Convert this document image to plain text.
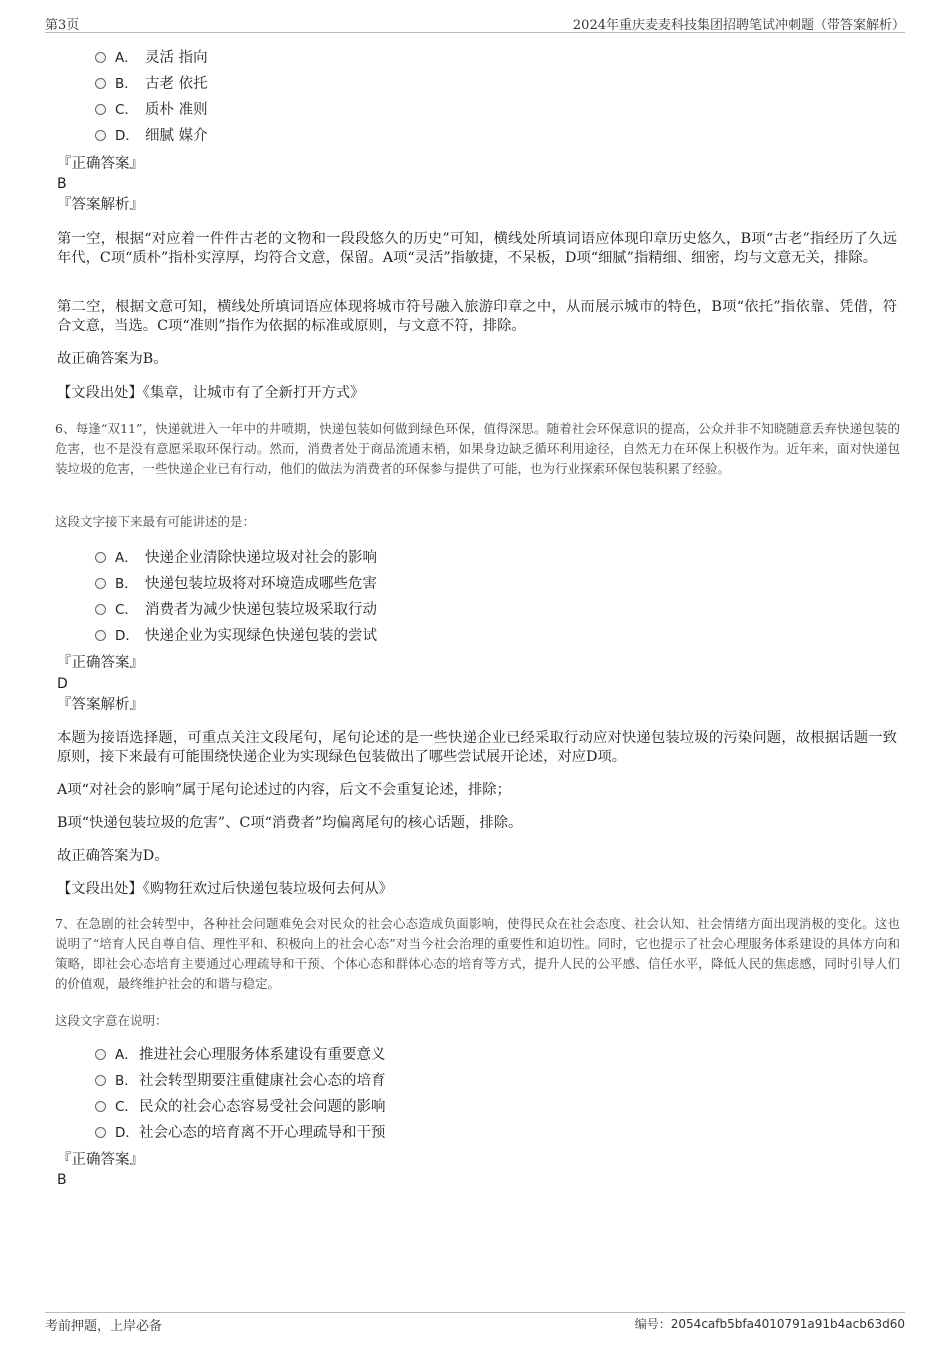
第3页	2024年重庆麦麦科技集团招聘笔试冲刺题（带答案解析）
A． 灵活 指向
B． 古老 依托
C． 质朴 准则
D． 细腻 媒介
『正确答案』
B
『答案解析』
第一空，根据“对应着一件件古老的文物和一段段悠久的历史”可知，横线处所填词语应体现印章历史悠久，B项“古老”指经历了久远年代，C项“质朴”指朴实淳厚，均符合文意，保留。A项“灵活”指敏捷，不呆板，D项“细腻”指精细、细密，均与文意无关，排除。
第二空，根据文意可知，横线处所填词语应体现将城市符号融入旅游印章之中，从而展示城市的特色，B项“依托”指依靠、凭借，符合文意，当选。C项“准则”指作为依据的标准或原则，与文意不符，排除。
故正确答案为B。
【文段出处】《集章，让城市有了全新打开方式》
6、每逢“双11”，快递就进入一年中的井喷期，快递包装如何做到绿色环保，值得深思。随着社会环保意识的提高，公众并非不知晓随意丢弃快递包装的危害，也不是没有意愿采取环保行动。然而，消费者处于商品流通末梢，如果身边缺乏循环利用途径，自然无力在环保上积极作为。近年来，面对快递包装垃圾的危害，一些快递企业已有行动，他们的做法为消费者的环保参与提供了可能，也为行业探索环保包装积累了经验。
这段文字接下来最有可能讲述的是：
A． 快递企业清除快递垃圾对社会的影响
B． 快递包装垃圾将对环境造成哪些危害
C． 消费者为减少快递包装垃圾采取行动
D． 快递企业为实现绿色快递包装的尝试
『正确答案』
D
『答案解析』
本题为接语选择题，可重点关注文段尾句，尾句论述的是一些快递企业已经采取行动应对快递包装垃圾的污染问题，故根据话题一致原则，接下来最有可能围绕快递企业为实现绿色包装做出了哪些尝试展开论述，对应D项。
A项“对社会的影响”属于尾句论述过的内容，后文不会重复论述，排除；
B项“快递包装垃圾的危害”、C项“消费者”均偏离尾句的核心话题，排除。
故正确答案为D。
【文段出处】《购物狂欢过后快递包装垃圾何去何从》
7、在急剧的社会转型中，各种社会问题难免会对民众的社会心态造成负面影响，使得民众在社会态度、社会认知、社会情绪方面出现消极的变化。这也说明了“培育人民自尊自信、理性平和、积极向上的社会心态”对当今社会治理的重要性和迫切性。同时，它也提示了社会心理服务体系建设的具体方向和策略，即社会心态培育主要通过心理疏导和干预、个体心态和群体心态的培育等方式，提升人民的公平感、信任水平，降低人民的焦虑感，同时引导人们的价值观，最终维护社会的和谐与稳定。
这段文字意在说明：
A．推进社会心理服务体系建设有重要意义
B．社会转型期要注重健康社会心态的培育
C．民众的社会心态容易受社会问题的影响
D．社会心态的培育离不开心理疏导和干预
『正确答案』
B
考前押题，上岸必备	编号：2054cafb5bfa4010791a91b4acb63d60
